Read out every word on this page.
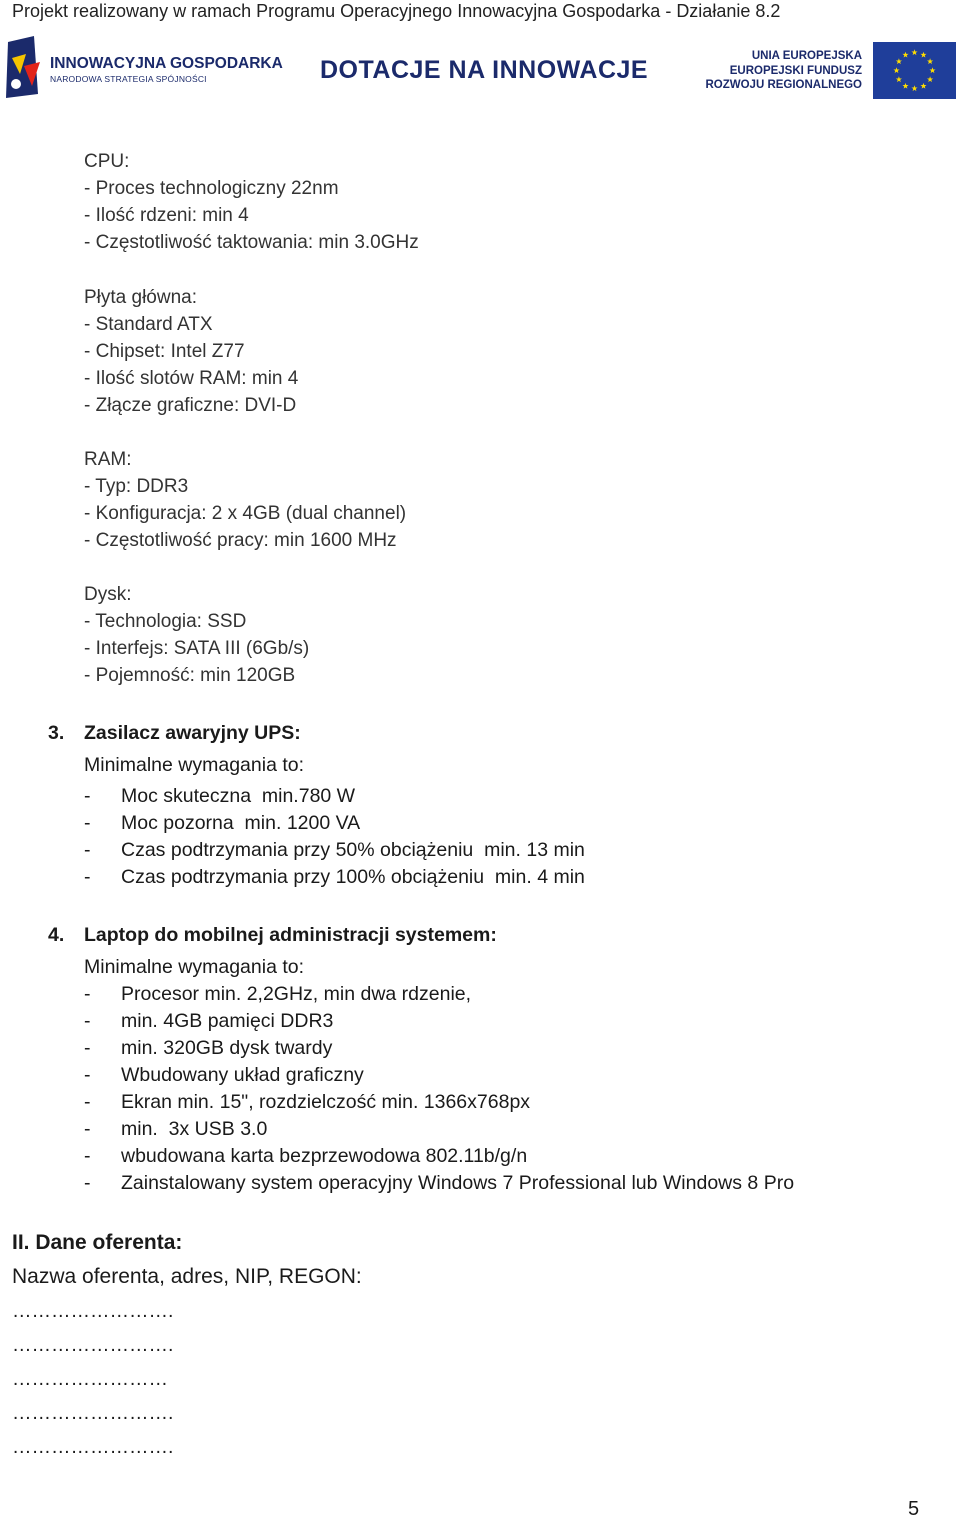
Projekt realizowany w ramach Programu Operacyjnego Innowacyjna Gospodarka - Działanie 8.2
INNOWACYJNA GOSPODARKA
NARODOWA STRATEGIA SPÓJNOŚCI	DOTACJE NA INNOWACJE	UNIA EUROPEJSKA
EUROPEJSKI FUNDUSZ
ROZWOJU REGIONALNEGO
CPU:
- Proces technologiczny 22nm
- Ilość rdzeni: min 4
- Częstotliwość taktowania: min 3.0GHz
Płyta główna:
- Standard ATX
- Chipset: Intel Z77
- Ilość slotów RAM: min 4
- Złącze graficzne: DVI-D
RAM:
- Typ: DDR3
- Konfiguracja: 2 x 4GB (dual channel)
- Częstotliwość pracy: min 1600 MHz
Dysk:
- Technologia: SSD
- Interfejs: SATA III (6Gb/s)
- Pojemność: min 120GB
3. Zasilacz awaryjny UPS:
Minimalne wymagania to:
- Moc skuteczna  min.780 W
- Moc pozorna  min. 1200 VA
- Czas podtrzymania przy 50% obciążeniu  min. 13 min
- Czas podtrzymania przy 100% obciążeniu  min. 4 min
4. Laptop do mobilnej administracji systemem:
Minimalne wymagania to:
- Procesor min. 2,2GHz, min dwa rdzenie,
- min. 4GB pamięci DDR3
- min. 320GB dysk twardy
- Wbudowany układ graficzny
- Ekran min. 15", rozdzielczość min. 1366x768px
- min.  3x USB 3.0
- wbudowana karta bezprzewodowa 802.11b/g/n
- Zainstalowany system operacyjny Windows 7 Professional lub Windows 8 Pro
II. Dane oferenta:
Nazwa oferenta, adres, NIP, REGON:
…………………….
…………………….
……………………
…………………….
…………………….
5
